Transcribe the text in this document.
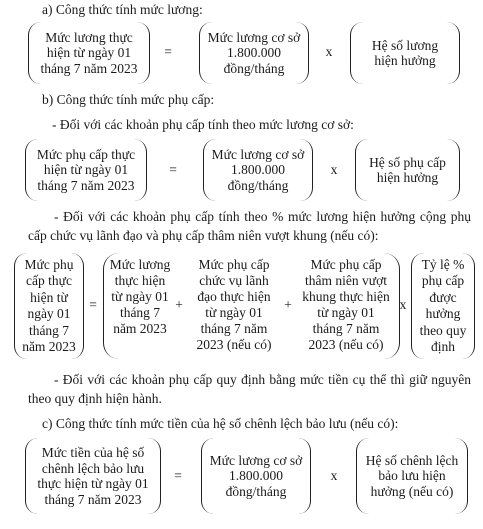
a) Công thức tính mức lương:
Mức lương thực
hiện từ ngày 01
tháng 7 năm 2023
=
Mức lương cơ sở
1.800.000
đồng/tháng
x	Hệ số lương
hiện hưởng
b) Công thức tính mức phụ cấp:
- Đối với các khoản phụ cấp tính theo mức lương cơ sở:
Mức phụ cấp thực
hiện từ ngày 01
tháng 7 năm 2023
=
Mức lương cơ sở
1.800.000
đồng/tháng
x	Hệ số phụ cấp
hiện hưởng
- Đối với các khoản phụ cấp tính theo % mức lương hiện hưởng cộng phụ cấp chức vụ lãnh đạo và phụ cấp thâm niên vượt khung (nếu có):
Mức phụ
cấp thực
hiện từ
ngày 01
tháng 7
năm 2023
=
Mức lương
thực hiện
từ ngày 01
tháng 7
năm 2023
+
Mức phụ cấp
chức vụ lãnh
đạo thực hiện
từ ngày 01
tháng 7 năm
2023 (nếu có)
+
Mức phụ cấp
thâm niên vượt
khung thực hiện
từ ngày 01
tháng 7 năm
2023 (nếu có)
x
Tỷ lệ %
phụ cấp
được
hưởng
theo quy
định
- Đối với các khoản phụ cấp quy định bằng mức tiền cụ thể thì giữ nguyên theo quy định hiện hành.
c) Công thức tính mức tiền của hệ số chênh lệch bảo lưu (nếu có):
Mức tiền của hệ số
chênh lệch bảo lưu
thực hiện từ ngày 01
tháng 7 năm 2023
=
Mức lương cơ sở
1.800.000
đồng/tháng
x
Hệ số chênh lệch
bảo lưu hiện
hưởng (nếu có)
